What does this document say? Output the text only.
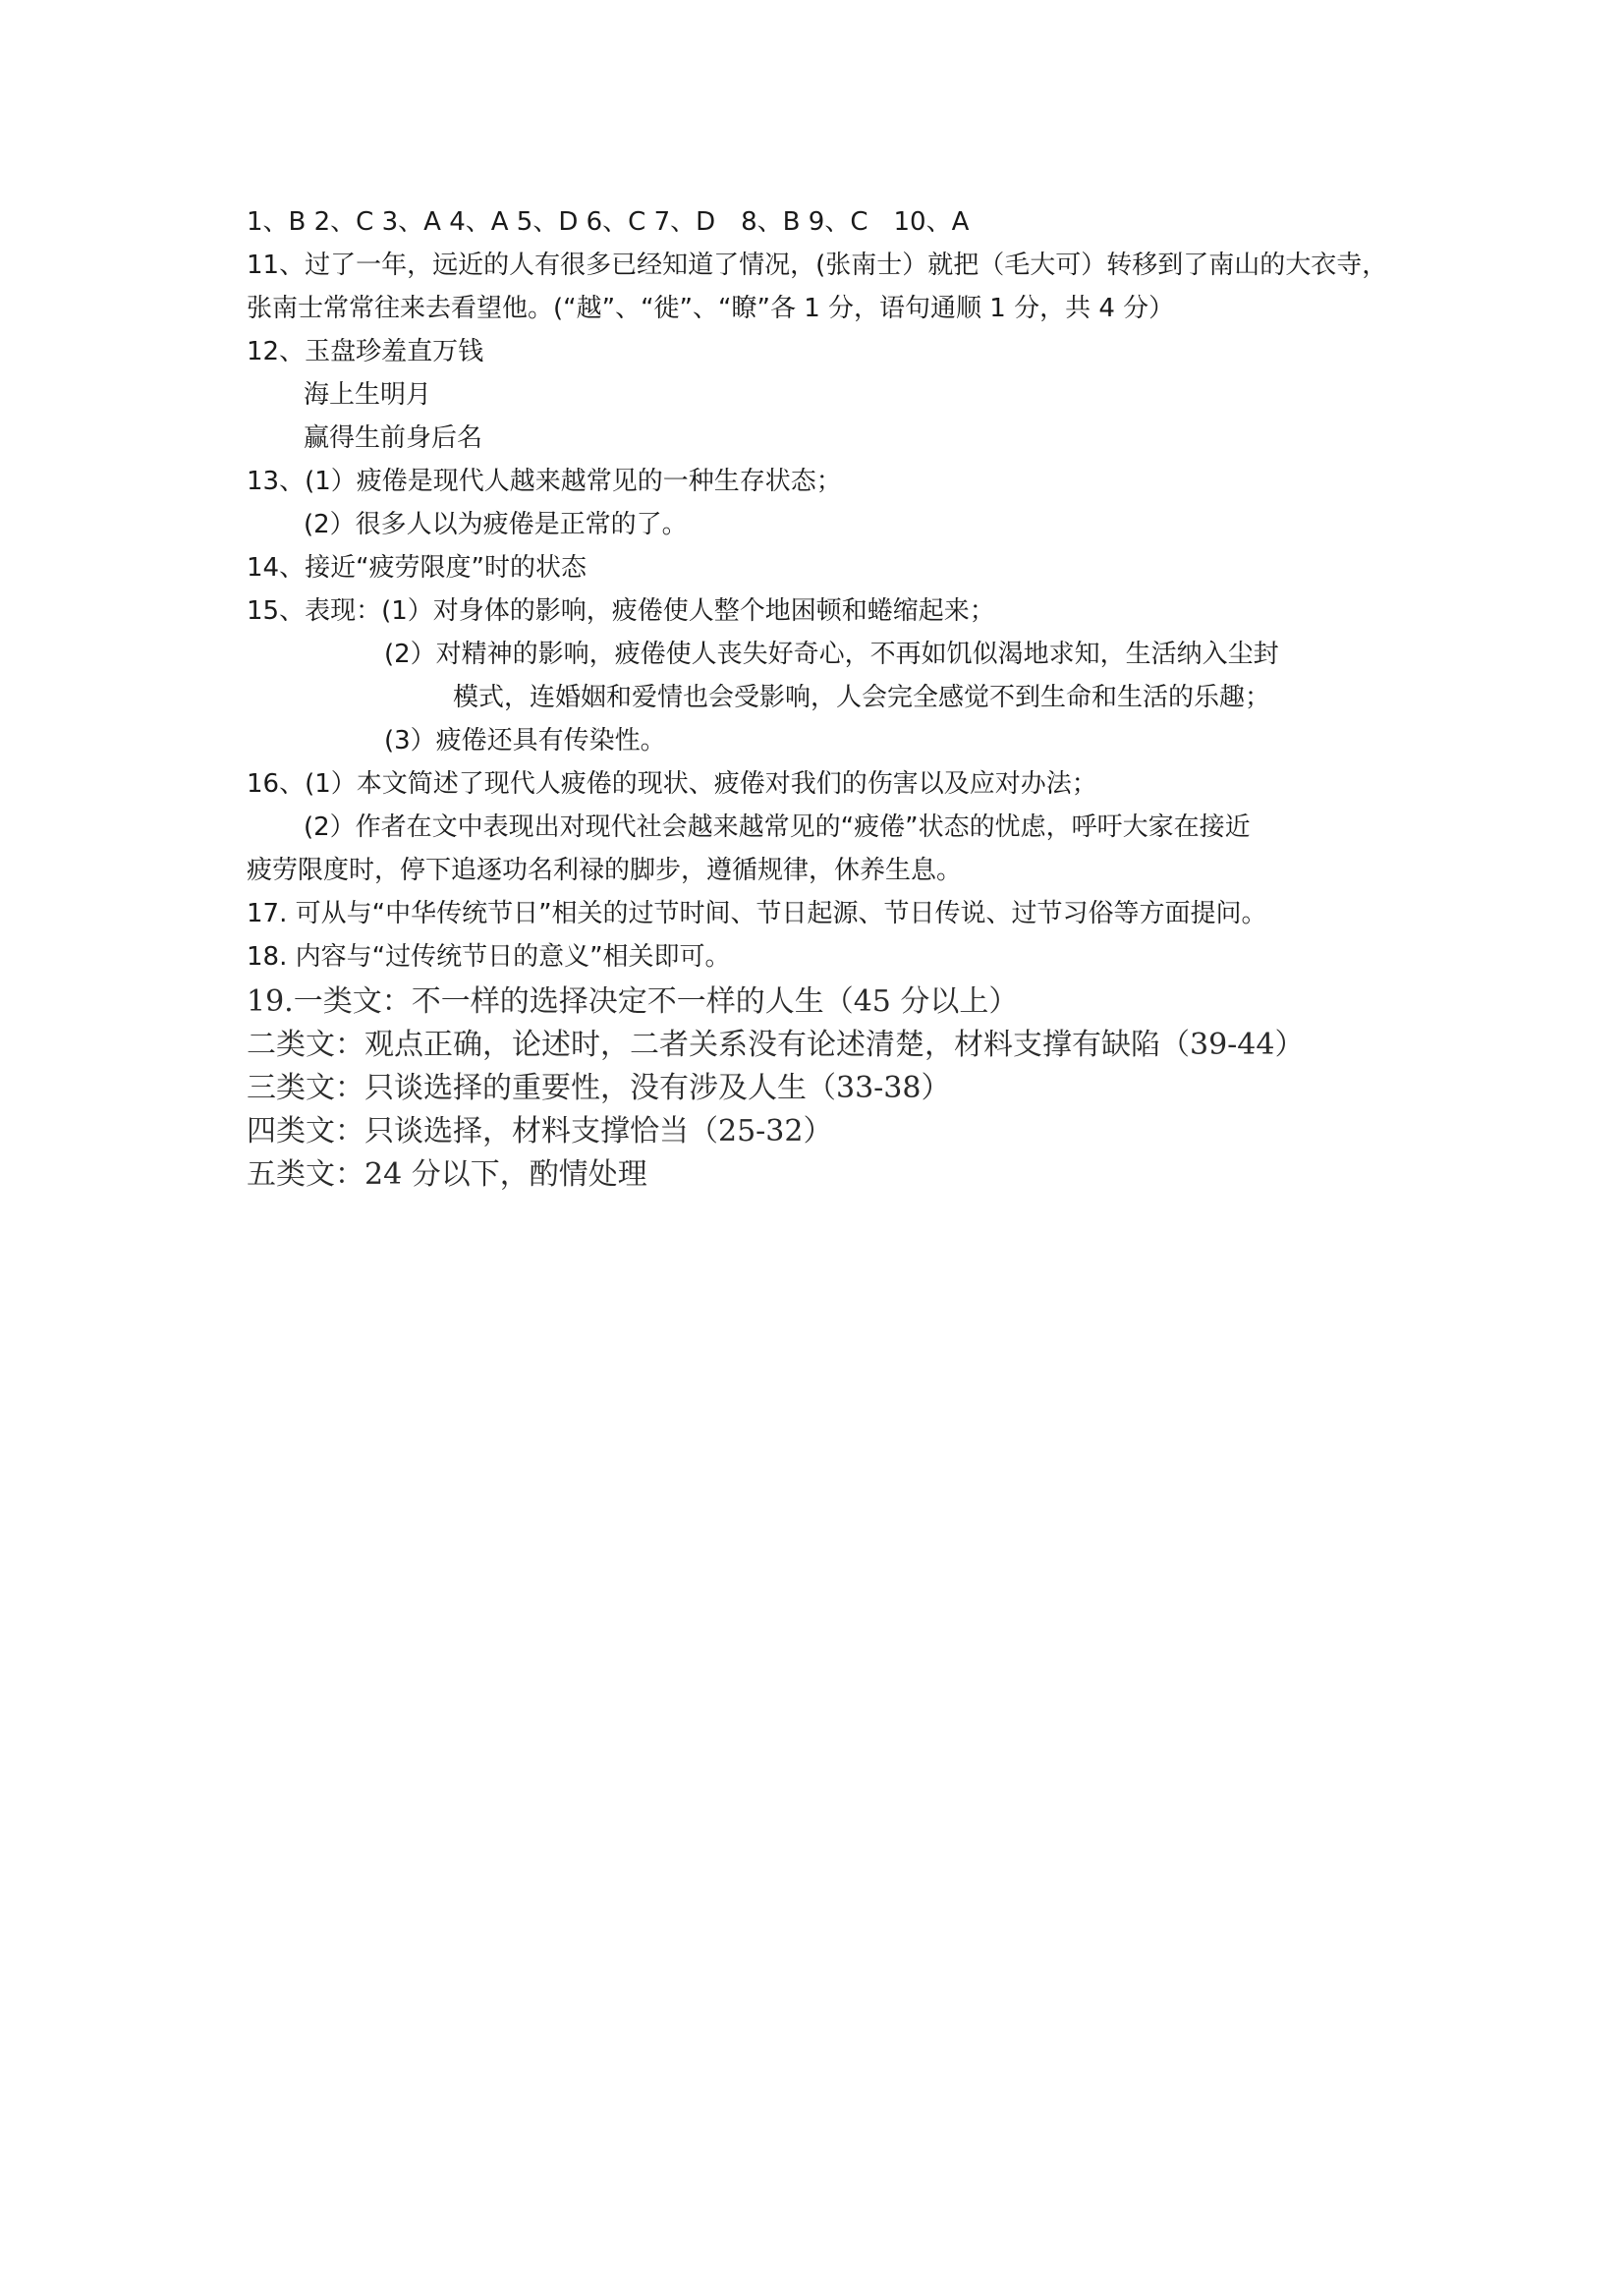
1、B 2、C 3、A 4、A 5、D 6、C 7、D　8、B 9、C　10、A
11、过了一年，远近的人有很多已经知道了情况，(张南士）就把（毛大可）转移到了南山的大衣寺，张南士常常往来去看望他。(“越”、“徙”、“瞭”各 1 分，语句通顺 1 分，共 4 分）
12、玉盘珍羞直万钱
海上生明月
赢得生前身后名
13、(1）疲倦是现代人越来越常见的一种生存状态；
(2）很多人以为疲倦是正常的了。
14、接近“疲劳限度”时的状态
15、表现：(1）对身体的影响，疲倦使人整个地困顿和蜷缩起来；
(2）对精神的影响，疲倦使人丧失好奇心，不再如饥似渴地求知，生活纳入尘封
模式，连婚姻和爱情也会受影响，人会完全感觉不到生命和生活的乐趣；
(3）疲倦还具有传染性。
16、(1）本文简述了现代人疲倦的现状、疲倦对我们的伤害以及应对办法；
(2）作者在文中表现出对现代社会越来越常见的“疲倦”状态的忧虑，呼吁大家在接近
疲劳限度时，停下追逐功名利禄的脚步，遵循规律，休养生息。
17. 可从与“中华传统节日”相关的过节时间、节日起源、节日传说、过节习俗等方面提问。
18. 内容与“过传统节日的意义”相关即可。
19.一类文：不一样的选择决定不一样的人生（45 分以上）
二类文：观点正确，论述时，二者关系没有论述清楚，材料支撑有缺陷（39-44）
三类文：只谈选择的重要性，没有涉及人生（33-38）
四类文：只谈选择，材料支撑恰当（25-32）
五类文：24 分以下，酌情处理
